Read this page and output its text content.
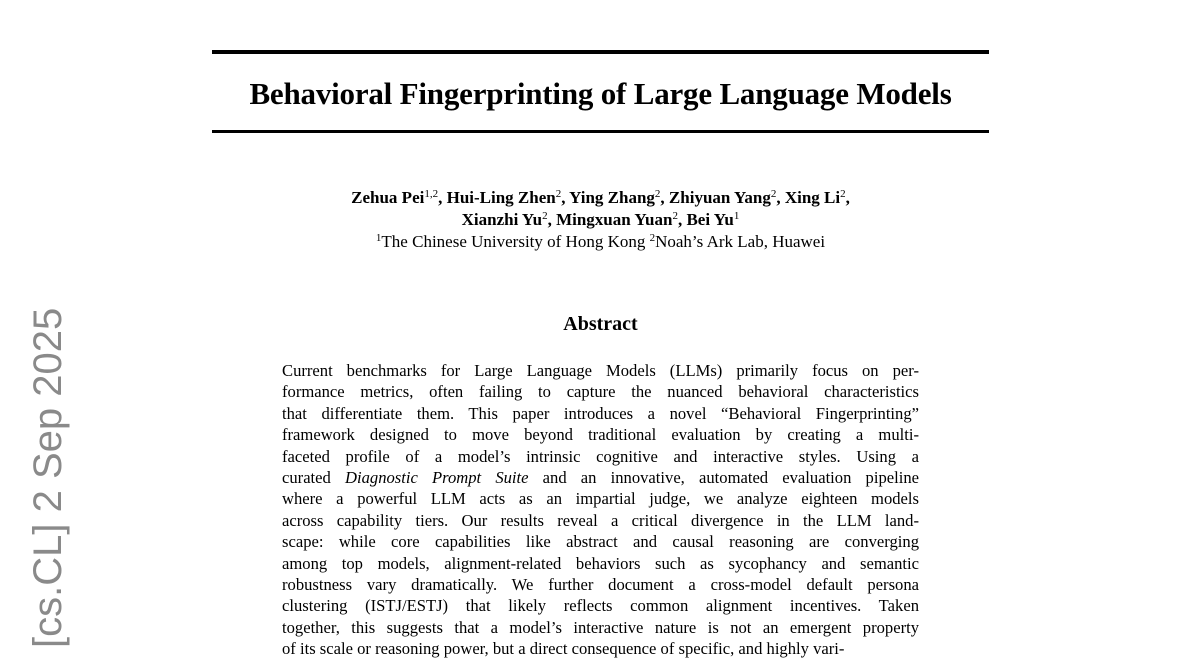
Behavioral Fingerprinting of Large Language Models
Zehua Pei$^{1,2}$, Hui-Ling Zhen$^2$, Ying Zhang$^2$, Zhiyuan Yang$^2$, Xing Li$^2$,
Xianzhi Yu$^2$, Mingxuan Yuan$^2$, Bei Yu$^1$
$^1$The Chinese University of Hong Kong $^2$Noah’s Ark Lab, Huawei
Abstract
Current benchmarks for Large Language Models (LLMs) primarily focus on per-
formance metrics, often failing to capture the nuanced behavioral characteristics
that differentiate them. This paper introduces a novel “Behavioral Fingerprinting”
framework designed to move beyond traditional evaluation by creating a multi-
faceted profile of a model’s intrinsic cognitive and interactive styles. Using a
curated Diagnostic Prompt Suite and an innovative, automated evaluation pipeline
where a powerful LLM acts as an impartial judge, we analyze eighteen models
across capability tiers. Our results reveal a critical divergence in the LLM land-
scape: while core capabilities like abstract and causal reasoning are converging
among top models, alignment-related behaviors such as sycophancy and semantic
robustness vary dramatically. We further document a cross-model default persona
clustering (ISTJ/ESTJ) that likely reflects common alignment incentives. Taken
together, this suggests that a model’s interactive nature is not an emergent property
of its scale or reasoning power, but a direct consequence of specific, and highly vari-
[cs.CL] 2 Sep 2025
